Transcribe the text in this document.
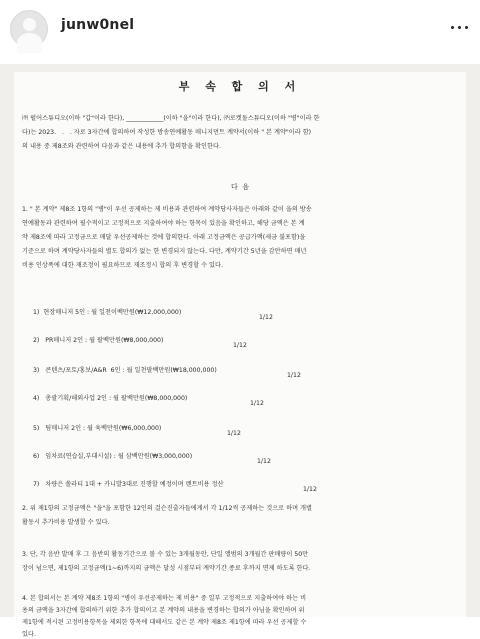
junw0nel
부 속 합 의 서
㈜ 펄어스튜디오(이하 "갑"이라 한다), ____________(이하 "을"이라 한다), ㈜로켓돌스튜디오(이하 "병"이라 한
다)는 2023.   .   . 자로 3자간에 합의하여 작성한 방송연예활동 매니지먼트 계약서(이하 " 본 계약"이라 함)
의 내용 중 제8조와 관련하여 다음과 같은 내용에 추가 합의함을 확인한다.
다  음
1. " 본 계약" 제8조 1항의 "병"이 우선 공제하는 제 비용과 관련하여 계약당사자들은 아래와 같이 을의 방송
연예활동과 관련하여 필수적이고 고정적으로 지출하여야 하는 항목이 있음을 확인하고, 해당 금액은 본 계
약 제8조에 따라 고정금으로 매달 우선공제하는 것에 합의한다. 아래 고정금액은 공급가액(세금 불포함)을
기준으로 하며 계약당사자들의 별도 합의가 없는 한 변경되지 않는다. 다만, 계약기간 5년을 감안하면 매년
비용 인상폭에 대한 재조정이 필요하므로 재조정시 합의 후 변경할 수 있다.

1)  현장매니저 5인 : 월 일천이백만원(₩12,000,000)

1/12

2)   PR매니저 2인 : 월 팔백만원(₩8,000,000)

1/12

3)   콘텐츠/포토/홍보/A&R  6인 : 월 일천팔백만원(₩18,000,000)

1/12

4)   총괄기획/해외사업 2인 : 월 팔백만원(₩8,000,000)

1/12

5)   팀매니저 2인 : 월 육백만원(₩6,000,000)

1/12

6)   임차료(연습실,부대시설) : 월 삼백만원(₩3,000,000)

1/12

7)   차량은 쏠라티 1대 + 카니발3대로 진행할 예정이며 렌트비용 정산

1/12

2. 위 제1항의 고정금액은 "을"을 포함한 12인의 걸슨진출자들에게서 각 1/12씩 공제하는 것으로 하며 개별
활동시 추가비용 발생할 수 있다.
3. 단, 각 음반 발매 후 그 음반의 활동기간으로 볼 수 있는 3개월동안, 단일 앨범의 3개월간 판매량이 50만
장이 넘으면, 제1항의 고정금액(1~6)까지의 금액은 달성 시점부터 계약기간 종료 후까지 면제 하도록 한다.
4. 본 합의서는 본 계약 제8조 1항의 "병이 우선공제하는 제 비용" 중 일부 고정적으로 지출하여야 하는 비
용의 금액을 3자간에 합의하기 위한 추가 합의이고 본 계약의 내용을 변경하는 합의가 아님을 확인하며 위
제1항에 적시된 고정비용항목을 제외한 항목에 대해서도 같은 본 계약 제8조 제1항에 따라 우선 공제할 수
있다.
